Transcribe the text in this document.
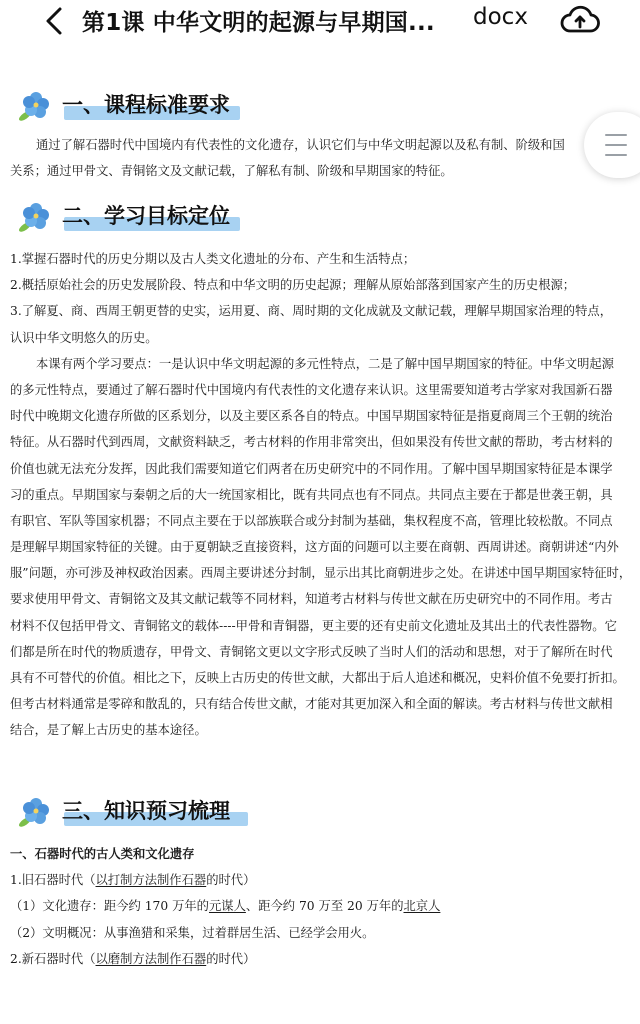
第1课 中华文明的起源与早期国...	docx
一、课程标准要求
通过了解石器时代中国境内有代表性的文化遗存，认识它们与中华文明起源以及私有制、阶级和国
关系；通过甲骨文、青铜铭文及文献记载，了解私有制、阶级和早期国家的特征。
二、学习目标定位
1.掌握石器时代的历史分期以及古人类文化遗址的分布、产生和生活特点；
2.概括原始社会的历史发展阶段、特点和中华文明的历史起源；理解从原始部落到国家产生的历史根源；
3.了解夏、商、西周王朝更替的史实，运用夏、商、周时期的文化成就及文献记载，理解早期国家治理的特点，
认识中华文明悠久的历史。
本课有两个学习要点：一是认识中华文明起源的多元性特点，二是了解中国早期国家的特征。中华文明起源
的多元性特点，要通过了解石器时代中国境内有代表性的文化遗存来认识。这里需要知道考古学家对我国新石器
时代中晚期文化遗存所做的区系划分，以及主要区系各自的特点。中国早期国家特征是指夏商周三个王朝的统治
特征。从石器时代到西周，文献资料缺乏，考古材料的作用非常突出，但如果没有传世文献的帮助，考古材料的
价值也就无法充分发挥，因此我们需要知道它们两者在历史研究中的不同作用。了解中国早期国家特征是本课学
习的重点。早期国家与秦朝之后的大一统国家相比，既有共同点也有不同点。共同点主要在于都是世袭王朝，具
有职官、军队等国家机器；不同点主要在于以部族联合或分封制为基础，集权程度不高，管理比较松散。不同点
是理解早期国家特征的关键。由于夏朝缺乏直接资料，这方面的问题可以主要在商朝、西周讲述。商朝讲述“内外
服”问题，亦可涉及神权政治因素。西周主要讲述分封制，显示出其比商朝进步之处。在讲述中国早期国家特征时，
要求使用甲骨文、青铜铭文及其文献记载等不同材料，知道考古材料与传世文献在历史研究中的不同作用。考古
材料不仅包括甲骨文、青铜铭文的载体----甲骨和青铜器，更主要的还有史前文化遗址及其出土的代表性器物。它
们都是所在时代的物质遗存，甲骨文、青铜铭文更以文字形式反映了当时人们的活动和思想，对于了解所在时代
具有不可替代的价值。相比之下，反映上古历史的传世文献，大都出于后人追述和概况，史料价值不免要打折扣。
但考古材料通常是零碎和散乱的，只有结合传世文献，才能对其更加深入和全面的解读。考古材料与传世文献相
结合，是了解上古历史的基本途径。
三、知识预习梳理
一、石器时代的古人类和文化遗存
1.旧石器时代（以打制方法制作石器的时代）
（1）文化遗存：距今约 170 万年的元谋人、距今约 70 万至 20 万年的北京人
（2）文明概况：从事渔猎和采集，过着群居生活、已经学会用火。
2.新石器时代（以磨制方法制作石器的时代）
